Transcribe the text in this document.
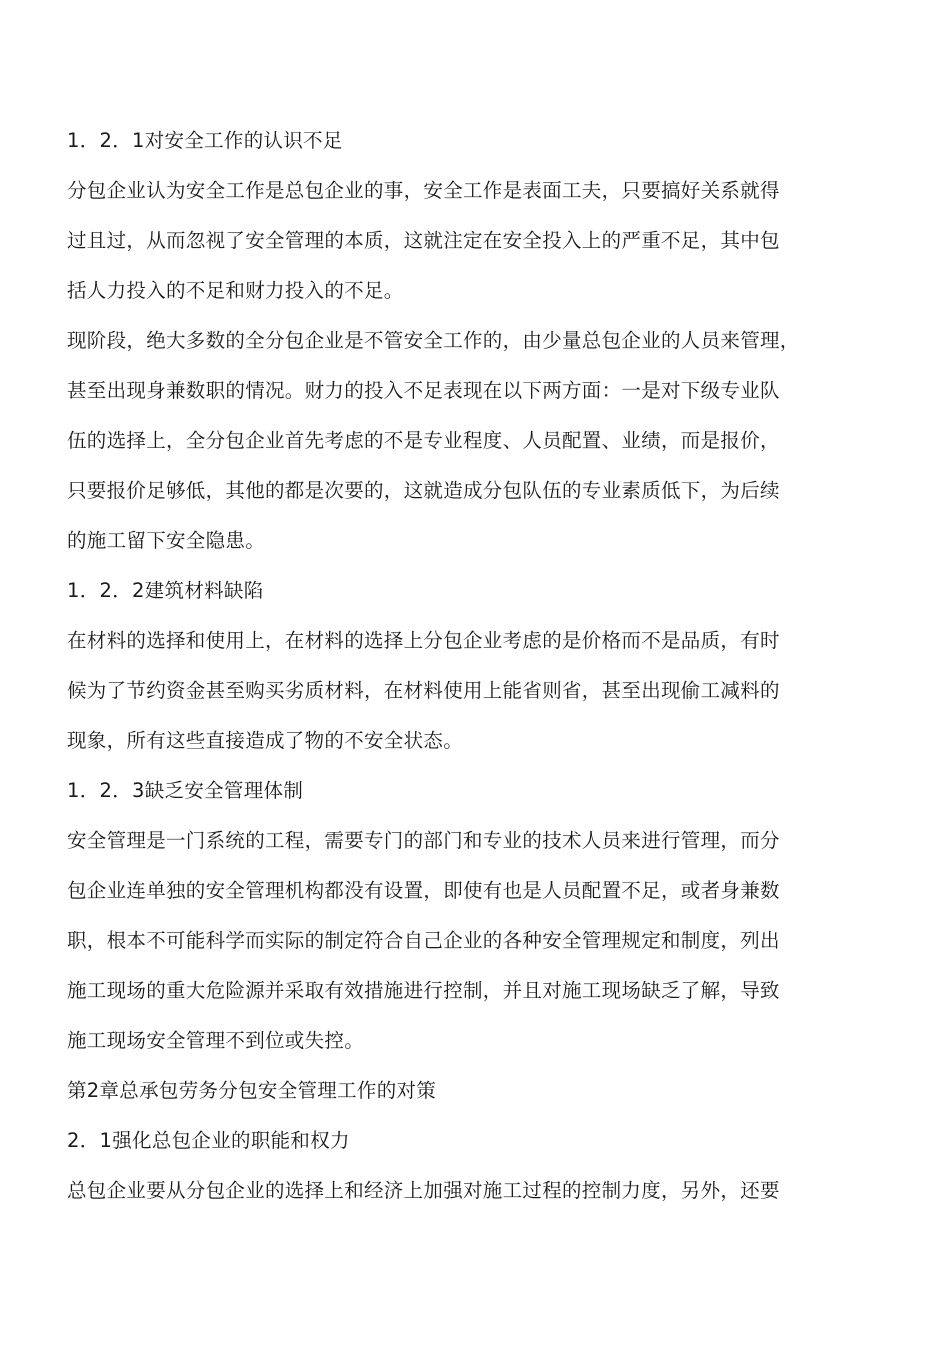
1．2．1对安全工作的认识不足
分包企业认为安全工作是总包企业的事，安全工作是表面工夫，只要搞好关系就得
过且过，从而忽视了安全管理的本质，这就注定在安全投入上的严重不足，其中包
括人力投入的不足和财力投入的不足。
现阶段，绝大多数的全分包企业是不管安全工作的，由少量总包企业的人员来管理，
甚至出现身兼数职的情况。财力的投入不足表现在以下两方面：一是对下级专业队
伍的选择上，全分包企业首先考虑的不是专业程度、人员配置、业绩，而是报价，
只要报价足够低，其他的都是次要的，这就造成分包队伍的专业素质低下，为后续
的施工留下安全隐患。
1．2．2建筑材料缺陷
在材料的选择和使用上，在材料的选择上分包企业考虑的是价格而不是品质，有时
候为了节约资金甚至购买劣质材料，在材料使用上能省则省，甚至出现偷工减料的
现象，所有这些直接造成了物的不安全状态。
1．2．3缺乏安全管理体制
安全管理是一门系统的工程，需要专门的部门和专业的技术人员来进行管理，而分
包企业连单独的安全管理机构都没有设置，即使有也是人员配置不足，或者身兼数
职，根本不可能科学而实际的制定符合自己企业的各种安全管理规定和制度，列出
施工现场的重大危险源并采取有效措施进行控制，并且对施工现场缺乏了解，导致
施工现场安全管理不到位或失控。
第2章总承包劳务分包安全管理工作的对策
2．1强化总包企业的职能和权力
总包企业要从分包企业的选择上和经济上加强对施工过程的控制力度，另外，还要
